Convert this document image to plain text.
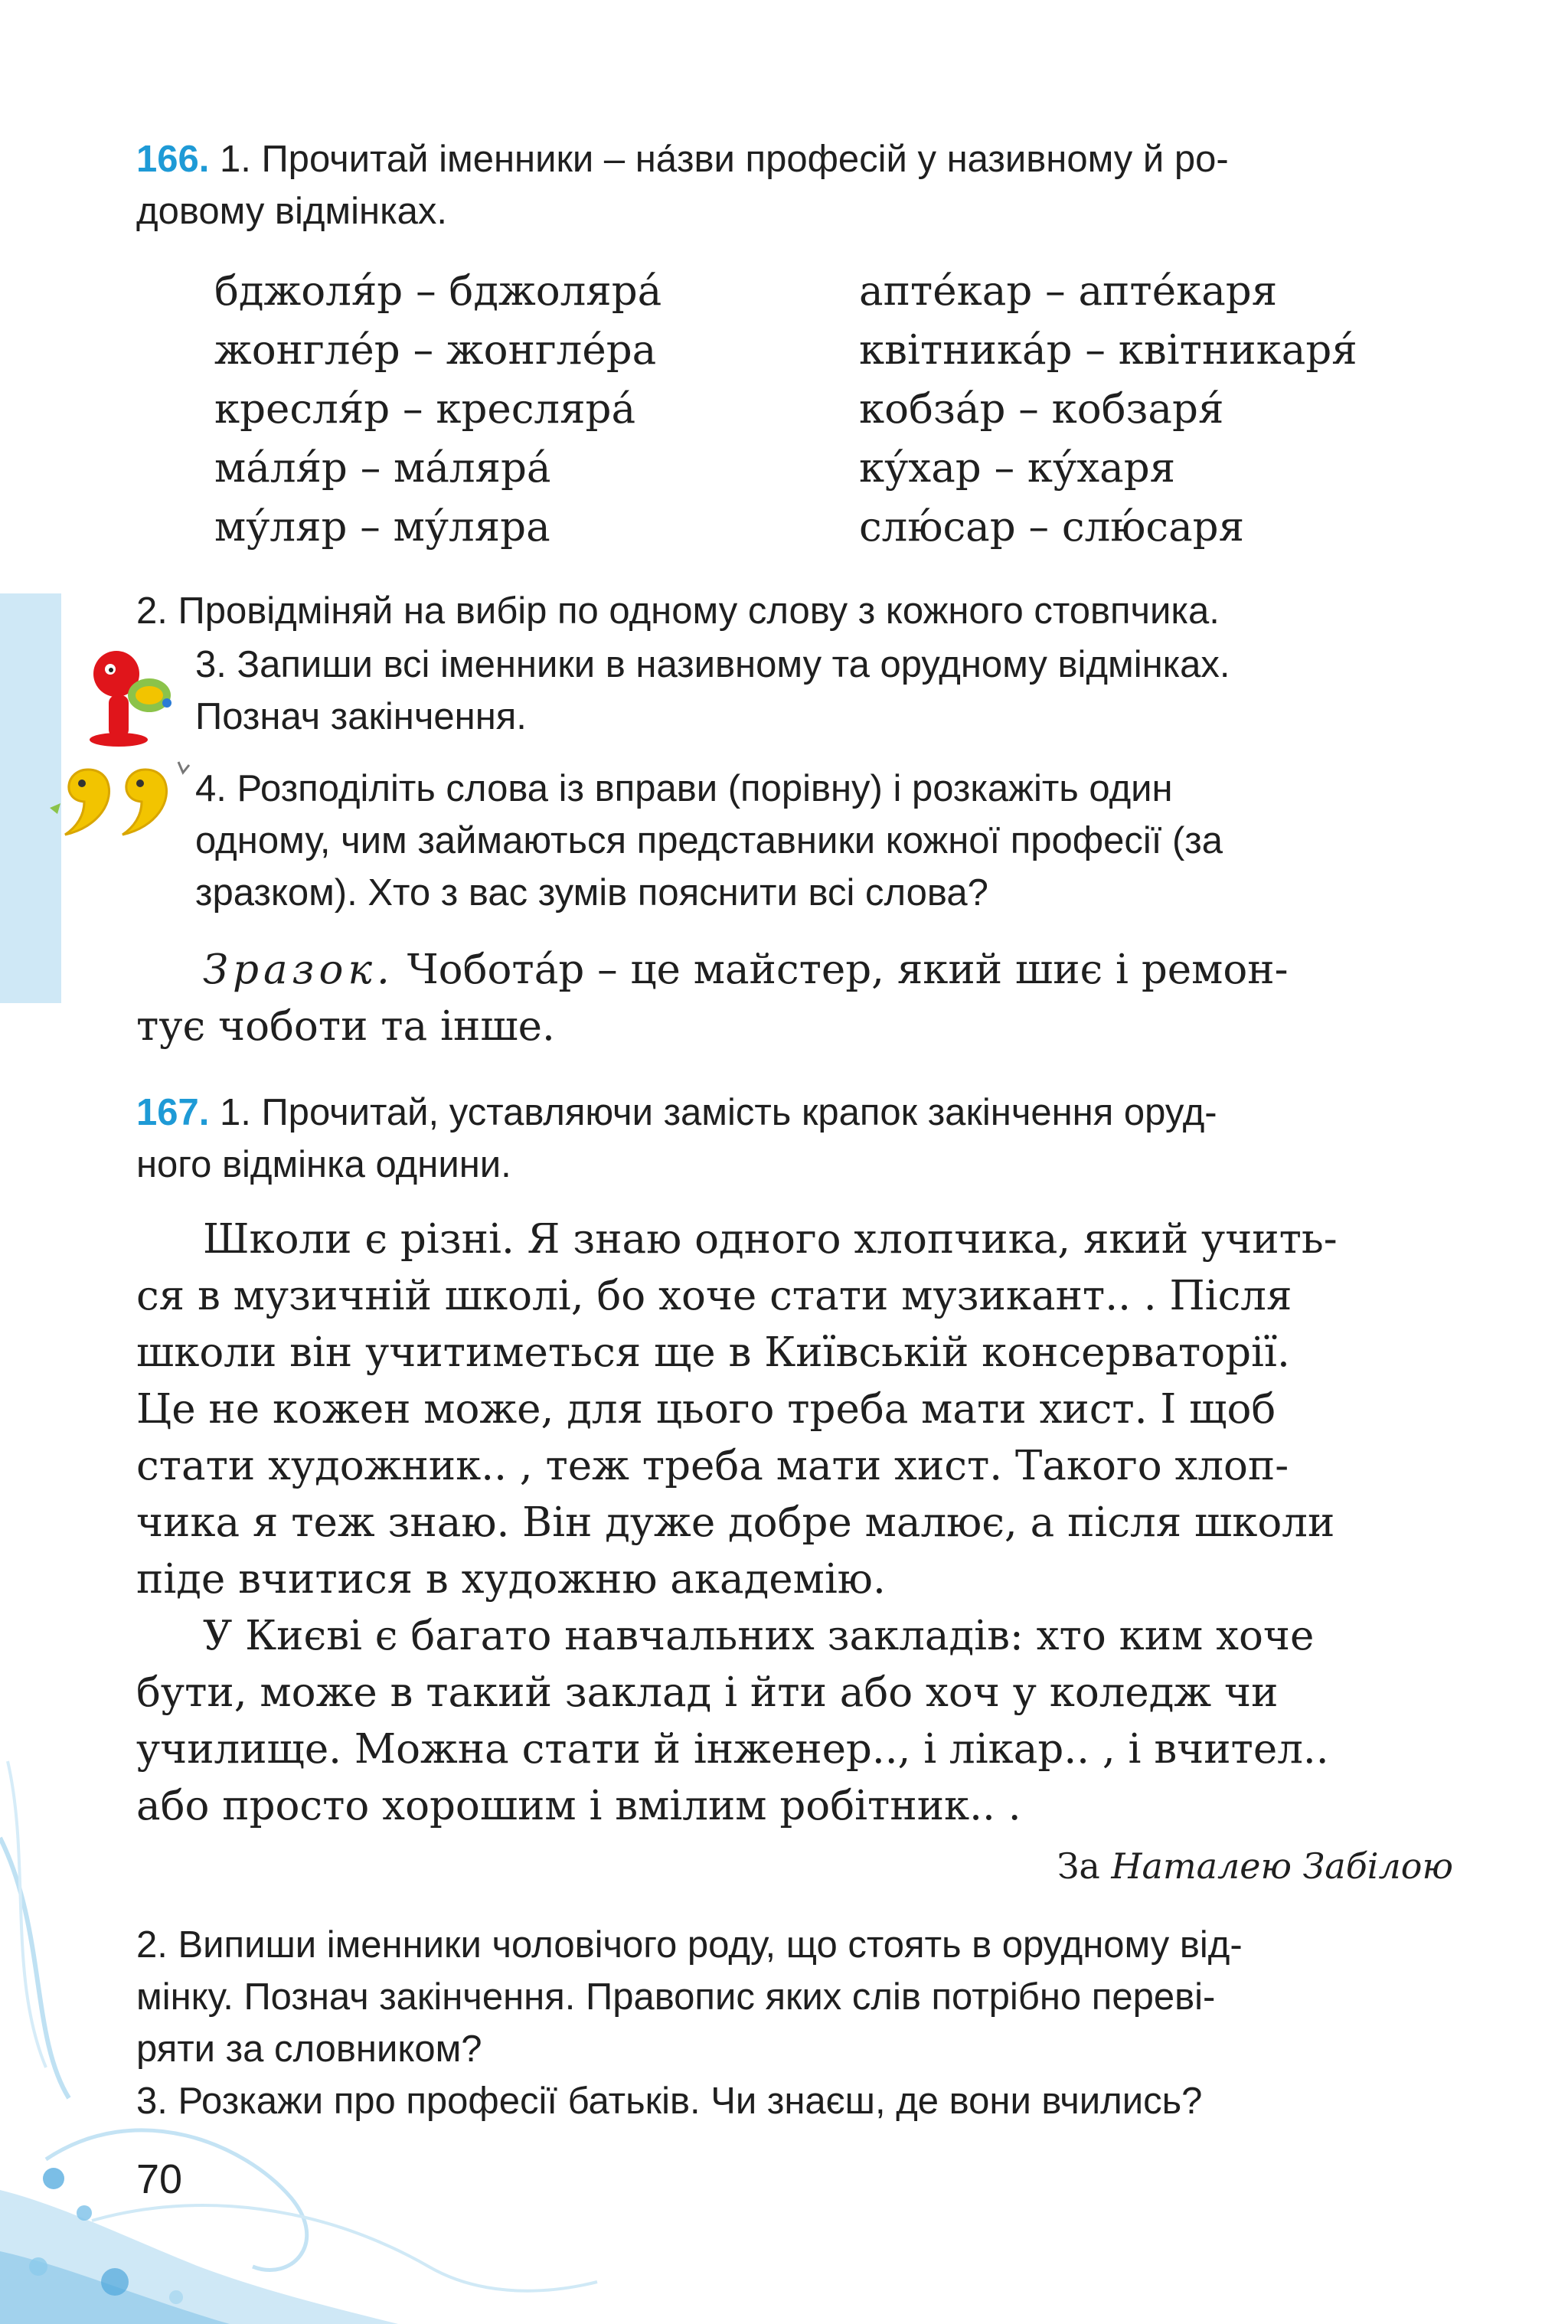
166. 1. Прочитай іменники – на́зви професій у називному й ро-
довому відмінках.
бджоля́р – бджоляра́
жонгле́р – жонгле́ра
кресля́р – креслярá
мáля́р – мáлярá
му́ляр – му́ляра
апте́кар – апте́каря
квітника́р – квітникаря́
кобза́р – кобзаря́
ку́хар – ку́харя
слю́сар – слю́саря
2. Провідміняй на вибір по одному слову з кожного стовпчика.
3. Запиши всі іменники в називному та орудному відмінках.
Познач закінчення.
4. Розподіліть слова із вправи (порівну) і розкажіть один
одному, чим займаються представники кожної професії (за
зразком). Хто з вас зумів пояснити всі слова?
Зразок. Чоботáр – це майстер, який шиє і ремон-
тує чоботи та інше.
167. 1. Прочитай, уставляючи замість крапок закінчення оруд-
ного відмінка однини.
Школи є різні. Я знаю одного хлопчика, який учить-
ся в музичній школі, бо хоче стати музикант.. . Після
школи він учитиметься ще в Київській консерваторії.
Це не кожен може, для цього треба мати хист. І щоб
стати художник.. , теж треба мати хист. Такого хлоп-
чика я теж знаю. Він дуже добре малює, а після школи
піде вчитися в художню академію.
У Києві є багато навчальних закладів: хто ким хоче
бути, може в такий заклад і йти або хоч у коледж чи
училище. Можна стати й інженер.., і лікар.. , і вчител..
або просто хорошим і вмілим робітник.. .
За Наталею Забілою
2. Випиши іменники чоловічого роду, що стоять в орудному від-
мінку. Познач закінчення. Правопис яких слів потрібно переві-
ряти за словником?
3. Розкажи про професії батьків. Чи знаєш, де вони вчились?
70
